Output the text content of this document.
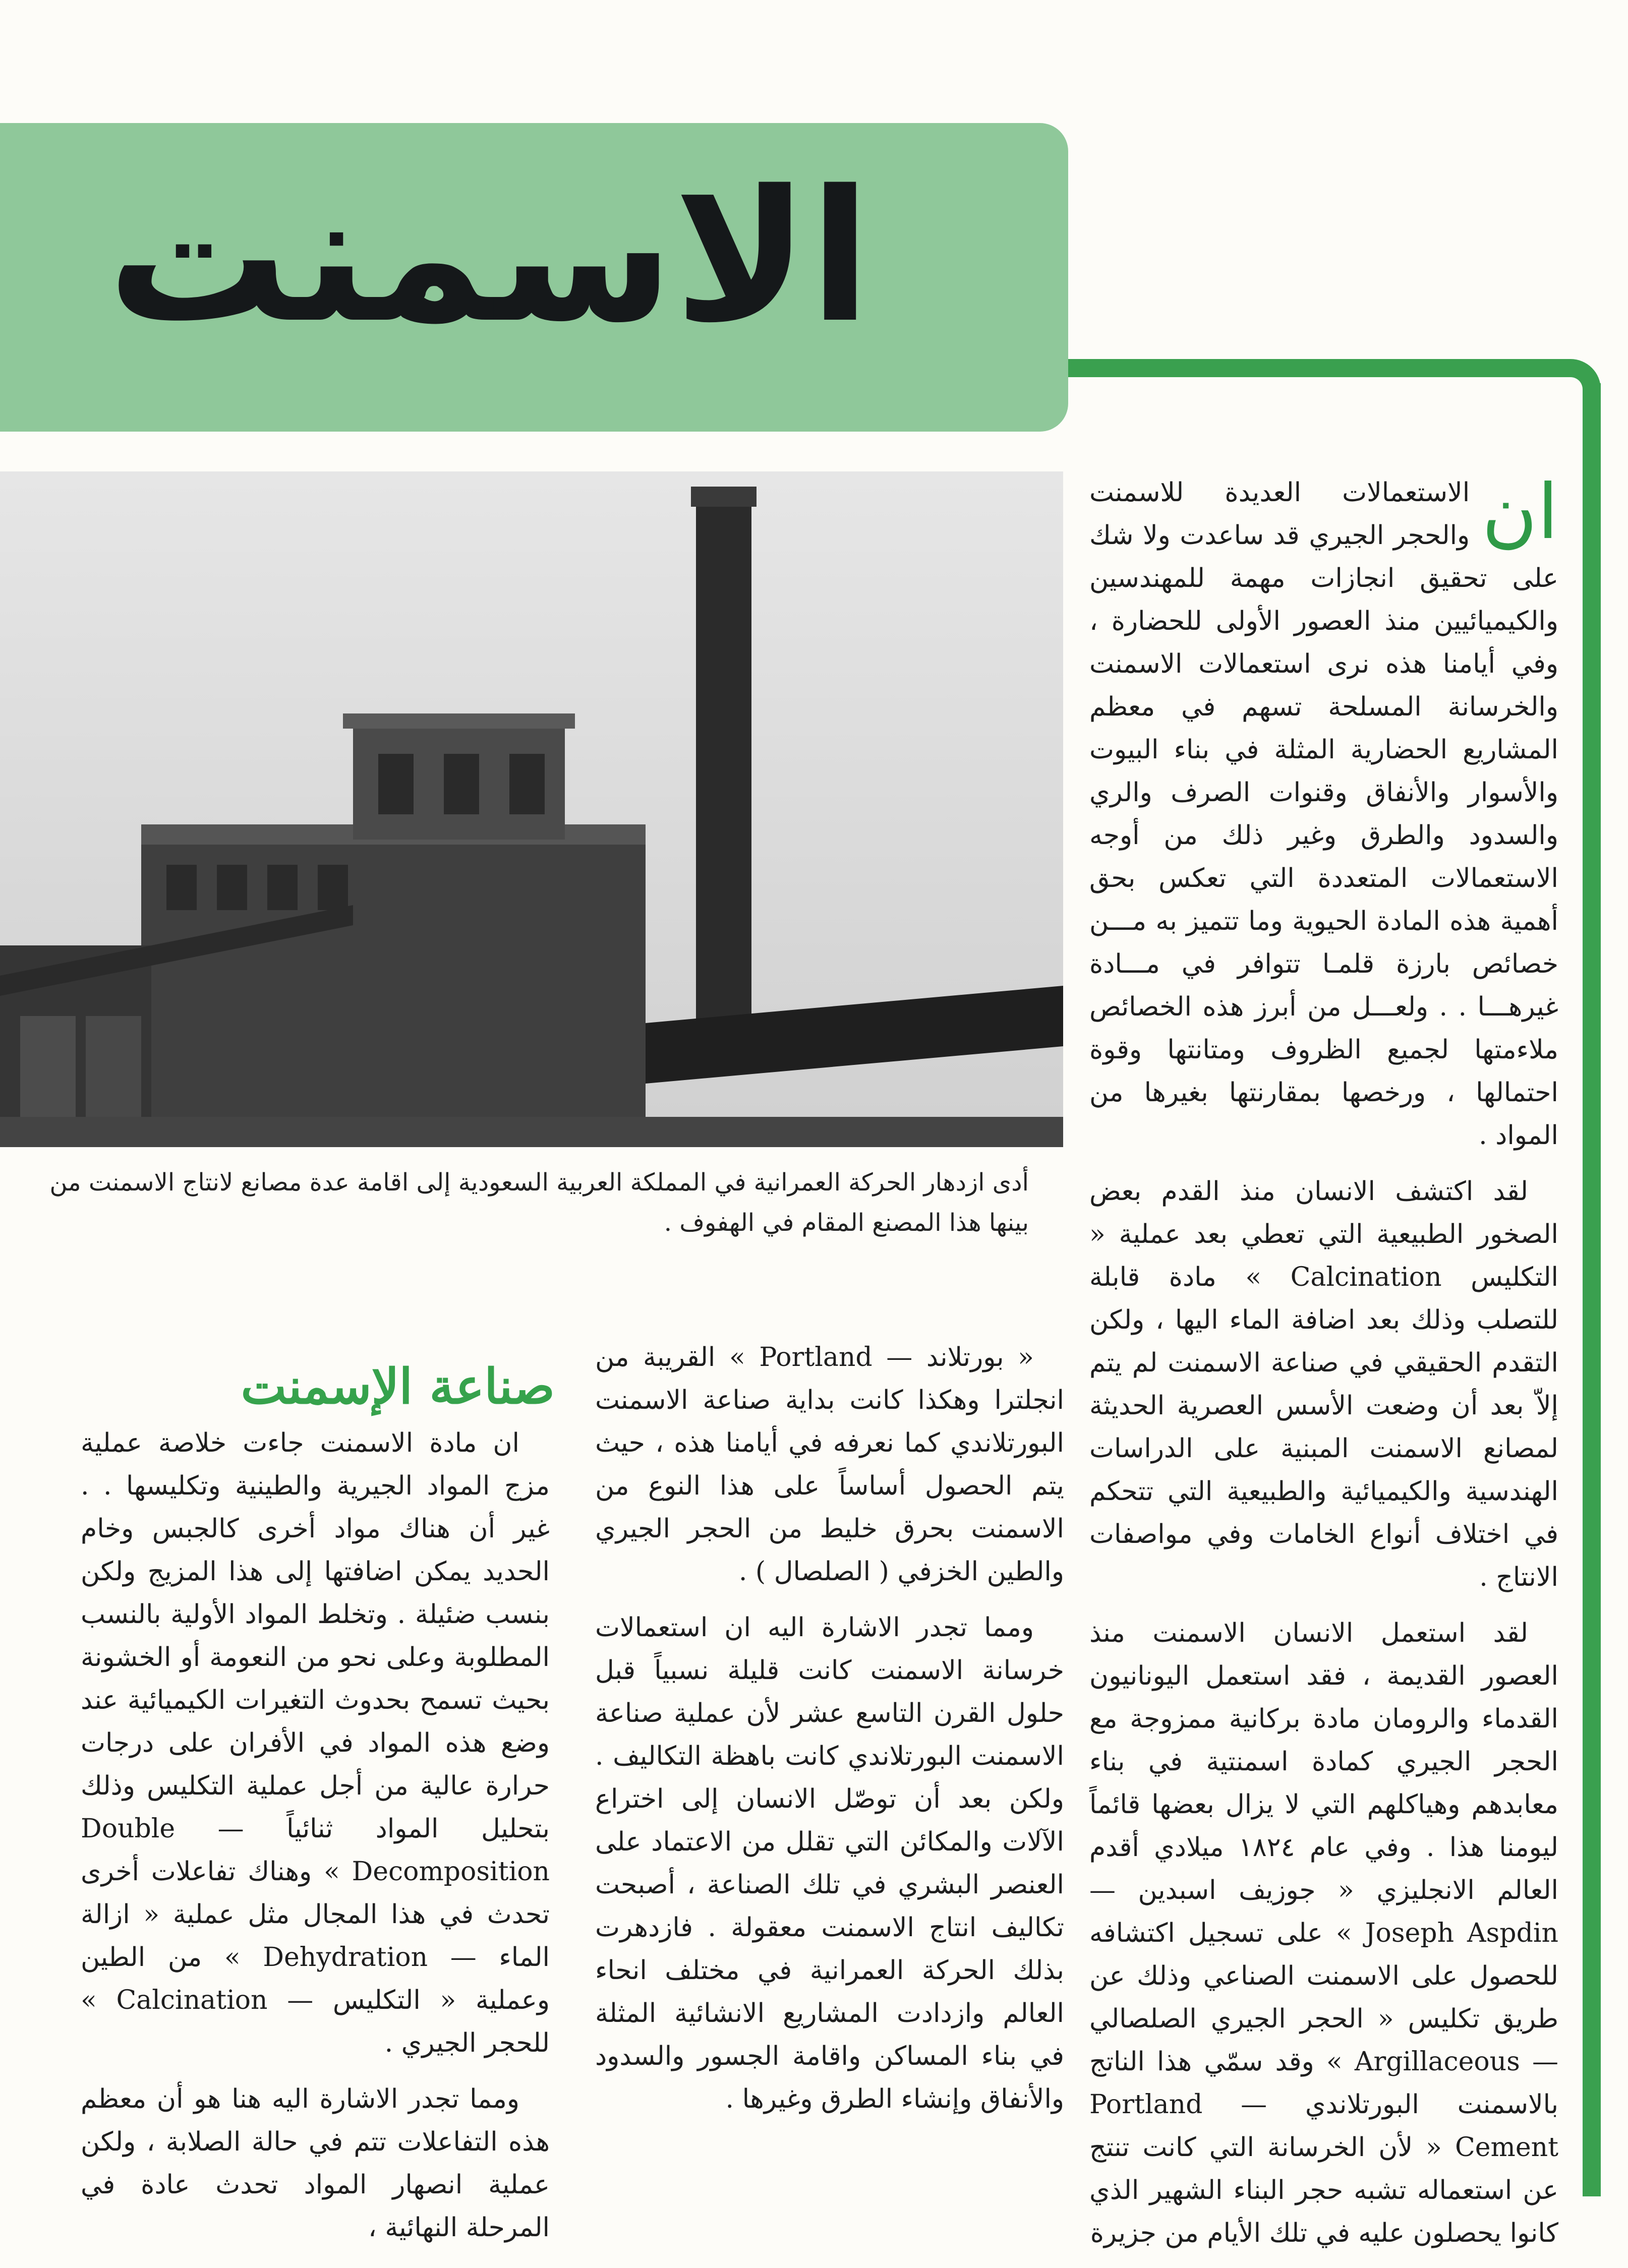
الاسمنت

أدى ازدهار الحركة العمرانية في المملكة العربية السعودية إلى اقامة عدة مصانع لانتاج الاسمنت من بينها هذا المصنع المقام في الهفوف .

ان
الاستعمالات العديدة للاسمنت والحجر الجيري قد ساعدت ولا شك على تحقيق انجازات مهمة للمهندسين والكيميائيين منذ العصور الأولى للحضارة ، وفي أيامنا هذه نرى استعمالات الاسمنت والخرسانة المسلحة تسهم في معظم المشاريع الحضارية المثلة في بناء البيوت والأسوار والأنفاق وقنوات الصرف والري والسدود والطرق وغير ذلك من أوجه الاستعمالات المتعددة التي تعكس بحق أهمية هذه المادة الحيوية وما تتميز به مـــن خصائص بارزة قلمـا تتوافر في مـــادة غيرهـــا . . ولعـــل من أبرز هذه الخصائص ملاءمتها لجميع الظروف ومتانتها وقوة احتمالها ، ورخصها بمقارنتها بغيرها من المواد .

لقد اكتشف الانسان منذ القدم بعض الصخور الطبيعية التي تعطي بعد عملية « التكليس Calcination » مادة قابلة للتصلب وذلك بعد اضافة الماء اليها ، ولكن التقدم الحقيقي في صناعة الاسمنت لم يتم إلاّ بعد أن وضعت الأسس العصرية الحديثة لمصانع الاسمنت المبنية على الدراسات الهندسية والكيميائية والطبيعية التي تتحكم في اختلاف أنواع الخامات وفي مواصفات الانتاج .

لقد استعمل الانسان الاسمنت منذ العصور القديمة ، فقد استعمل اليونانيون القدماء والرومان مادة بركانية ممزوجة مع الحجر الجيري كمادة اسمنتية في بناء معابدهم وهياكلهم التي لا يزال بعضها قائماً ليومنا هذا . وفي عام ١٨٢٤ ميلادي أقدم العالم الانجليزي « جوزيف اسبدين — Joseph Aspdin » على تسجيل اكتشافه للحصول على الاسمنت الصناعي وذلك عن طريق تكليس « الحجر الجيري الصلصالي — Argillaceous » وقد سمّي هذا الناتج بالاسمنت البورتلاندي — Portland Cement « لأن الخرسانة التي كانت تنتج عن استعماله تشبه حجر البناء الشهير الذي كانوا يحصلون عليه في تلك الأيام من جزيرة

« بورتلاند — Portland » القريبة من انجلترا وهكذا كانت بداية صناعة الاسمنت البورتلاندي كما نعرفه في أيامنا هذه ، حيث يتم الحصول أساساً على هذا النوع من الاسمنت بحرق خليط من الحجر الجيري والطين الخزفي ( الصلصال ) .

ومما تجدر الاشارة اليه ان استعمالات خرسانة الاسمنت كانت قليلة نسبياً قبل حلول القرن التاسع عشر لأن عملية صناعة الاسمنت البورتلاندي كانت باهظة التكاليف . ولكن بعد أن توصّل الانسان إلى اختراع الآلات والمكائن التي تقلل من الاعتماد على العنصر البشري في تلك الصناعة ، أصبحت تكاليف انتاج الاسمنت معقولة . فازدهرت بذلك الحركة العمرانية في مختلف انحاء العالم وازدادت المشاريع الانشائية المثلة في بناء المساكن واقامة الجسور والسدود والأنفاق وإنشاء الطرق وغيرها .

صناعة الإسمنت

ان مادة الاسمنت جاءت خلاصة عملية مزج المواد الجيرية والطينية وتكليسها . . غير أن هناك مواد أخرى كالجبس وخام الحديد يمكن اضافتها إلى هذا المزيج ولكن بنسب ضئيلة . وتخلط المواد الأولية بالنسب المطلوبة وعلى نحو من النعومة أو الخشونة بحيث تسمح بحدوث التغيرات الكيميائية عند وضع هذه المواد في الأفران على درجات حرارة عالية من أجل عملية التكليس وذلك بتحليل المواد ثنائياً — Double Decomposition » وهناك تفاعلات أخرى تحدث في هذا المجال مثل عملية « ازالة الماء — Dehydration » من الطين وعملية « التكليس — Calcination » للحجر الجيري .

ومما تجدر الاشارة اليه هنا هو أن معظم هذه التفاعلات تتم في حالة الصلابة ، ولكن عملية انصهار المواد تحدث عادة في المرحلة النهائية ،
